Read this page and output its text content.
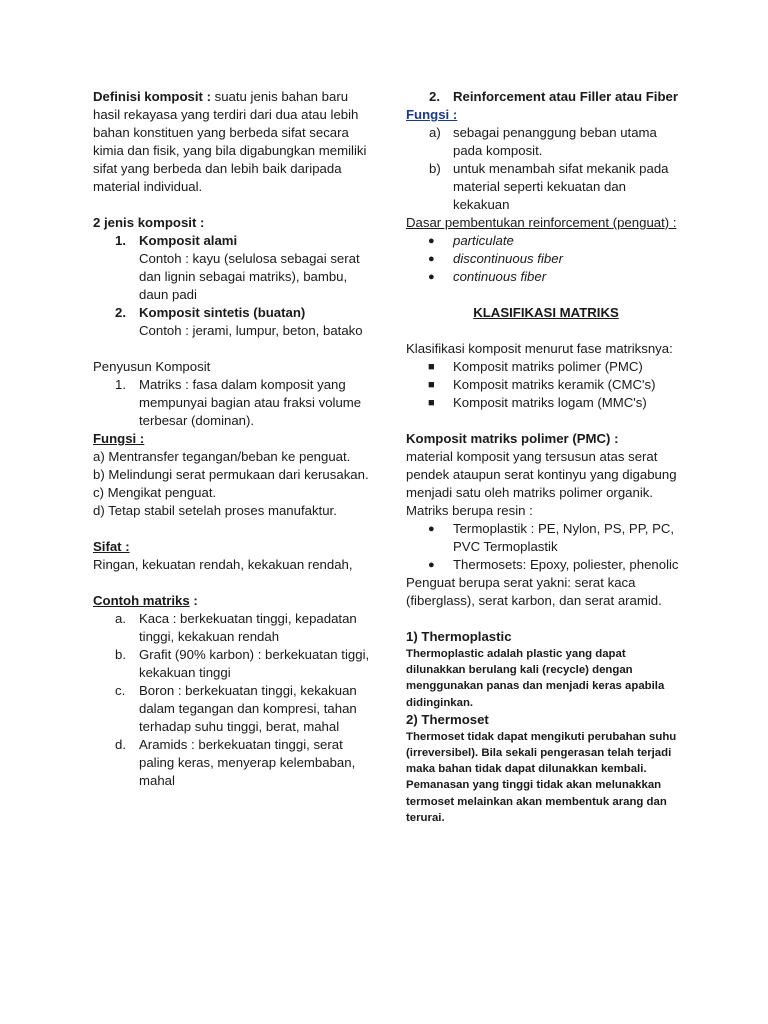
Definisi komposit : suatu jenis bahan baru hasil rekayasa yang terdiri dari dua atau lebih bahan konstituen yang berbeda sifat secara kimia dan fisik, yang bila digabungkan memiliki sifat yang berbeda dan lebih baik daripada material individual.

2 jenis komposit :

1. Komposit alami
Contoh : kayu (selulosa sebagai serat dan lignin sebagai matriks), bambu, daun padi
2. Komposit sintetis (buatan)
Contoh : jerami, lumpur, beton, batako

Penyusun Komposit

1. Matriks : fasa dalam komposit yang mempunyai bagian atau fraksi volume terbesar (dominan).

Fungsi :

a) Mentransfer tegangan/beban ke penguat.

b) Melindungi serat permukaan dari kerusakan.

c) Mengikat penguat.

d) Tetap stabil setelah proses manufaktur.

Sifat :

Ringan, kekuatan rendah, kekakuan rendah,

Contoh matriks :

a. Kaca : berkekuatan tinggi, kepadatan tinggi, kekakuan rendah
b. Grafit (90% karbon) : berkekuatan tiggi, kekakuan tinggi
c.	Boron : berkekuatan tinggi, kekakuan dalam tegangan dan kompresi, tahan terhadap suhu tinggi, berat, mahal
d. Aramids : berkekuatan tinggi, serat paling keras, menyerap kelembaban, mahal
2. Reinforcement atau Filler atau Fiber

Fungsi :

a) sebagai penanggung beban utama pada komposit.
b) untuk menambah sifat mekanik pada material seperti kekuatan dan kekakuan

Dasar pembentukan reinforcement (penguat) :

● particulate
● discontinuous fiber
● continuous fiber

KLASIFIKASI MATRIKS

Klasifikasi komposit menurut fase matriksnya:

■ Komposit matriks polimer (PMC)
■ Komposit matriks keramik (CMC's)
■ Komposit matriks logam (MMC's)

Komposit matriks polimer (PMC) :

material komposit yang tersusun atas serat pendek ataupun serat kontinyu yang digabung menjadi satu oleh matriks polimer organik.

Matriks berupa resin :

● Termoplastik : PE, Nylon, PS, PP, PC, PVC Termoplastik
● Thermosets: Epoxy, poliester, phenolic

Penguat berupa serat yakni: serat kaca (fiberglass), serat karbon, dan serat aramid.

1) Thermoplastic

Thermoplastic adalah plastic yang dapat dilunakkan berulang kali (recycle) dengan menggunakan panas dan menjadi keras apabila didinginkan.

2) Thermoset

Thermoset tidak dapat mengikuti perubahan suhu (irreversibel). Bila sekali pengerasan telah terjadi maka bahan tidak dapat dilunakkan kembali. Pemanasan yang tinggi tidak akan melunakkan termoset melainkan akan membentuk arang dan terurai.
